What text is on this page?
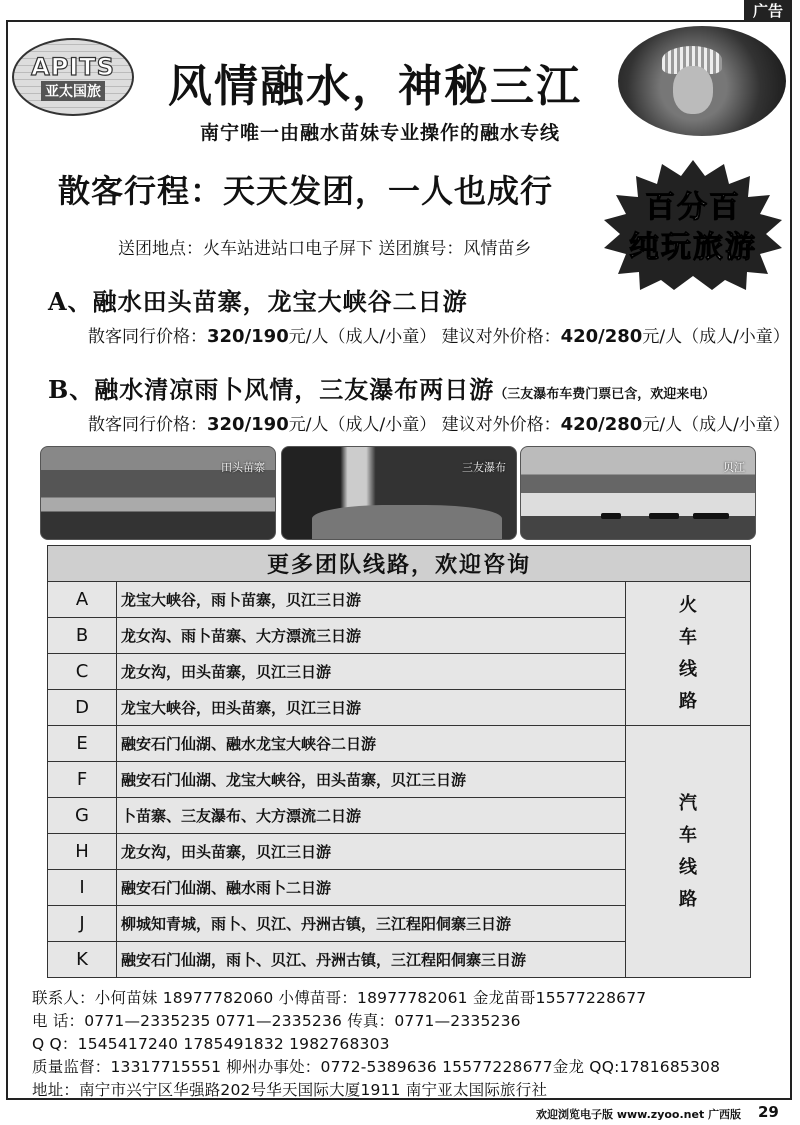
广告
APITS
亚太国旅	风情融水，神秘三江
南宁唯一由融水苗妹专业操作的融水专线
散客行程：天天发团，一人也成行	百分百
纯玩旅游
送团地点：火车站进站口电子屏下 送团旗号：风情苗乡
A、融水田头苗寨，龙宝大峡谷二日游
散客同行价格：320/190元/人（成人/小童） 建议对外价格：420/280元/人（成人/小童）
B、融水清凉雨卜风情，三友瀑布两日游（三友瀑布车费门票已含，欢迎来电）
散客同行价格：320/190元/人（成人/小童） 建议对外价格：420/280元/人（成人/小童）
田头苗寨	三友瀑布	贝江
更多团队线路，欢迎咨询		
A	龙宝大峡谷，雨卜苗寨，贝江三日游	火
车
线
路

B	龙女沟、雨卜苗寨、大方漂流三日游	
C	龙女沟，田头苗寨，贝江三日游	
D	龙宝大峡谷，田头苗寨，贝江三日游	
E	融安石门仙湖、融水龙宝大峡谷二日游	汽
车
线
路

F	融安石门仙湖、龙宝大峡谷，田头苗寨，贝江三日游	
G	卜苗寨、三友瀑布、大方漂流二日游	
H	龙女沟，田头苗寨，贝江三日游	
I	融安石门仙湖、融水雨卜二日游	
J	柳城知青城，雨卜、贝江、丹洲古镇，三江程阳侗寨三日游	
K	融安石门仙湖，雨卜、贝江、丹洲古镇，三江程阳侗寨三日游	
联系人：小何苗妹 18977782060 小傅苗哥：18977782061 金龙苗哥15577228677
电 话：0771—2335235 0771—2335236 传真：0771—2335236
Q Q：1545417240 1785491832 1982768303
质量监督：13317715551 柳州办事处：0772-5389636 15577228677金龙 QQ:1781685308
地址：南宁市兴宁区华强路202号华天国际大厦1911 南宁亚太国际旅行社
欢迎浏览电子版 www.zyoo.net 广西版 29
